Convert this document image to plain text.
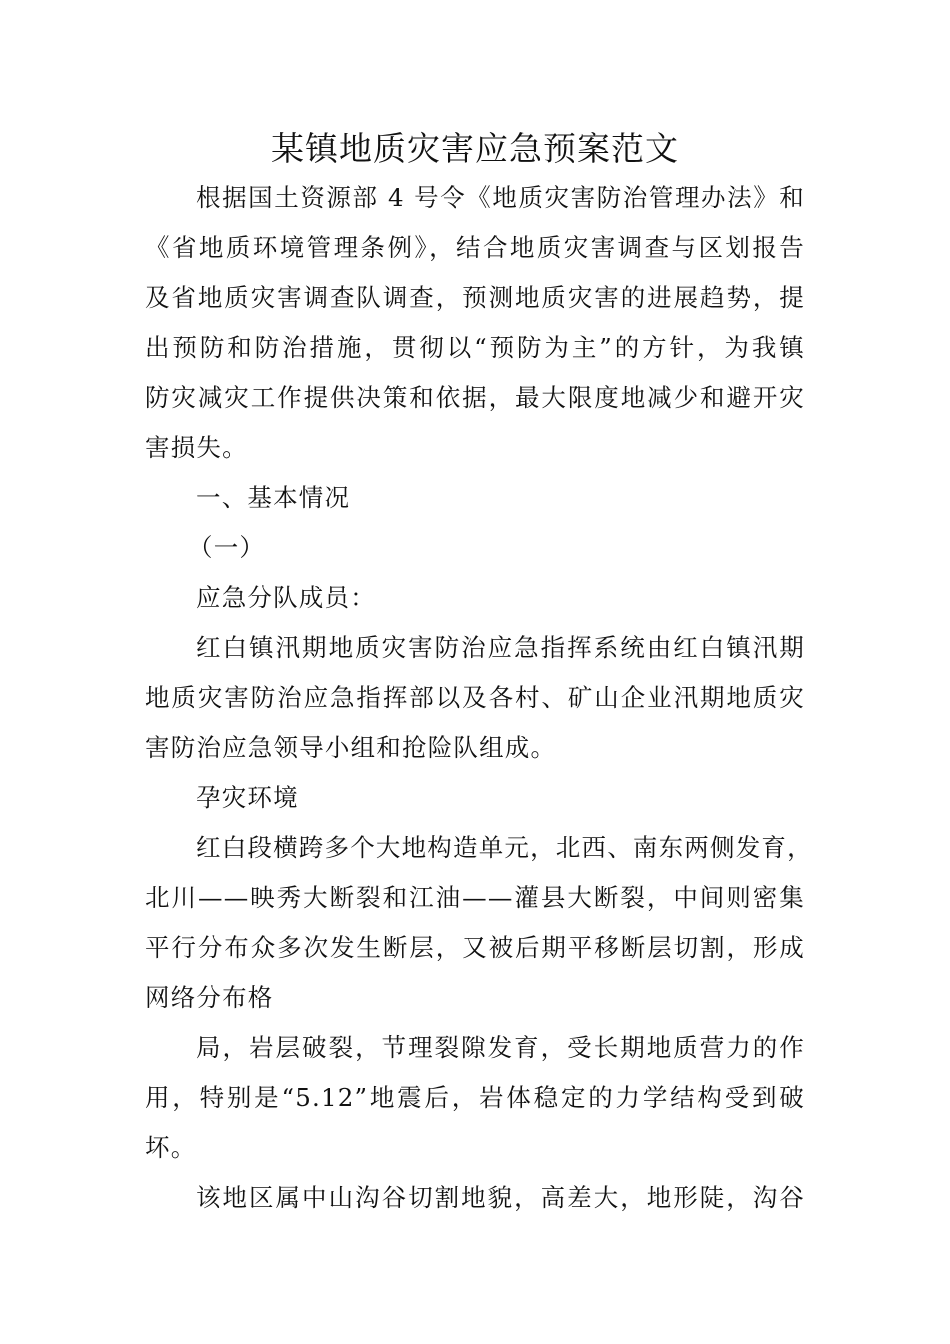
某镇地质灾害应急预案范文
根据国土资源部 4 号令《地质灾害防治管理办法》和
《省地质环境管理条例》，结合地质灾害调查与区划报告
及省地质灾害调查队调查，预测地质灾害的进展趋势，提
出预防和防治措施，贯彻以“预防为主”的方针，为我镇
防灾减灾工作提供决策和依据，最大限度地减少和避开灾
害损失。
一、基本情况
（一）
应急分队成员：
红白镇汛期地质灾害防治应急指挥系统由红白镇汛期
地质灾害防治应急指挥部以及各村、矿山企业汛期地质灾
害防治应急领导小组和抢险队组成。
孕灾环境
红白段横跨多个大地构造单元，北西、南东两侧发育，
北川——映秀大断裂和江油——灌县大断裂，中间则密集
平行分布众多次发生断层，又被后期平移断层切割，形成
网络分布格
局，岩层破裂，节理裂隙发育，受长期地质营力的作
用，特别是“5.12”地震后，岩体稳定的力学结构受到破
坏。
该地区属中山沟谷切割地貌，高差大，地形陡，沟谷
